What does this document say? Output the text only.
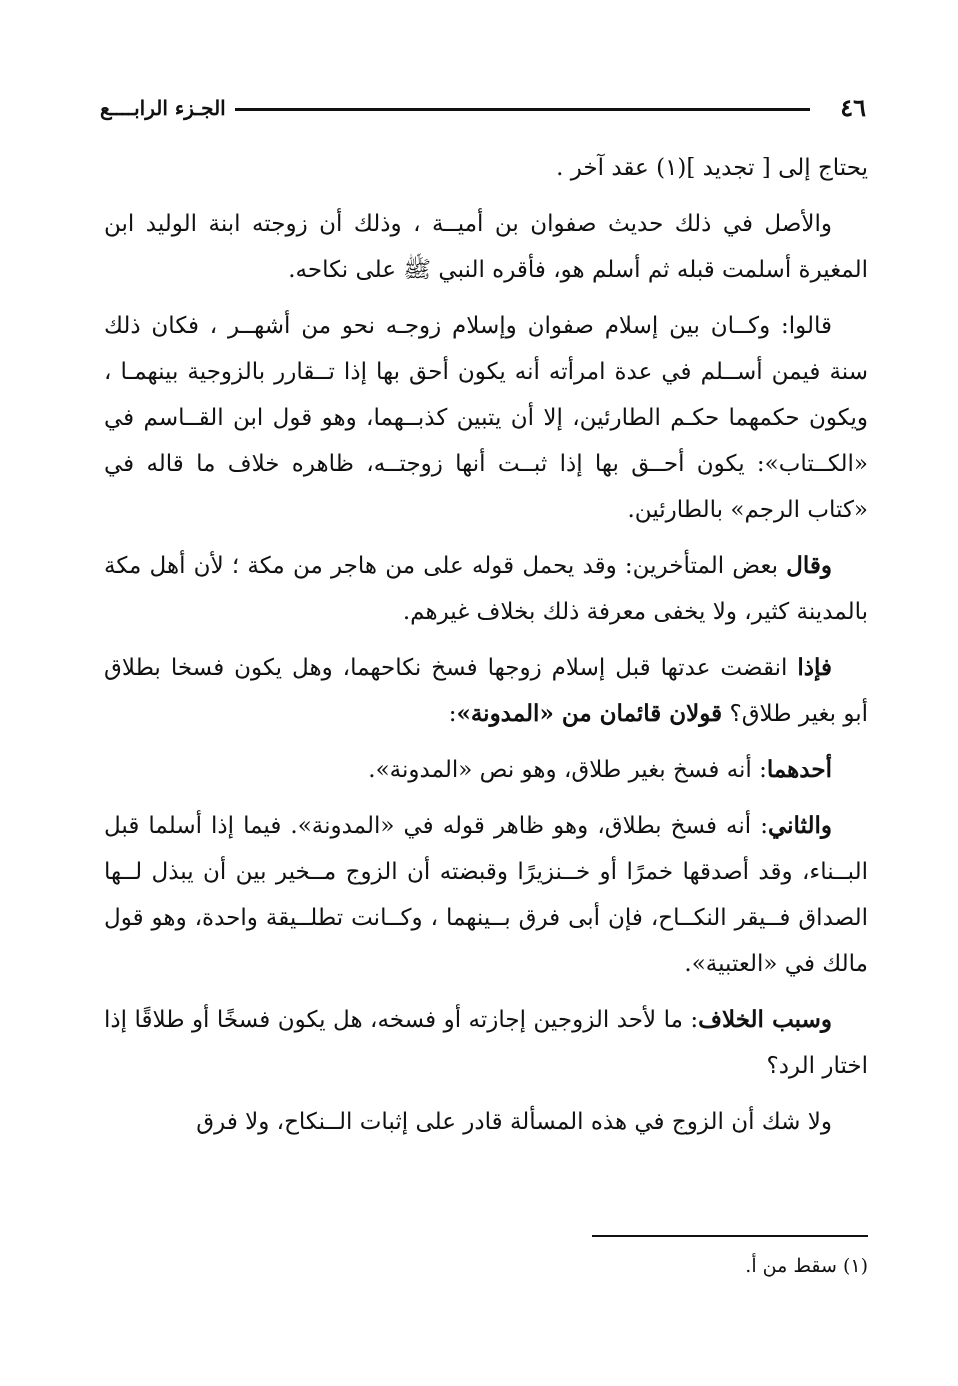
٤٦
الجـزء الرابــــع

يحتاج إلى [ تجديد ](١) عقد آخر .

والأصل في ذلك حديث صفوان بن أميــة ، وذلك أن زوجته ابنة الوليد ابن المغيرة أسلمت قبله ثم أسلم هو، فأقره النبي ﷺ على نكاحه.

قالوا: وكــان بين إسلام صفوان وإسلام زوجـه نحو من أشهــر ، فكان ذلك سنة فيمن أســلم في عدة امرأته أنه يكون أحق بها إذا تــقارر بالزوجية بينهمـا ، ويكون حكمهما حكـم الطارئين، إلا أن يتبين كذبــهما، وهو قول ابن القــاسم في «الكــتاب»: يكون أحــق بها إذا ثبــت أنها زوجتــه، ظاهره خلاف ما قاله في «كتاب الرجم» بالطارئين.

وقال بعض المتأخرين: وقد يحمل قوله على من هاجر من مكة ؛ لأن أهل مكة بالمدينة كثير، ولا يخفى معرفة ذلك بخلاف غيرهم.

فإذا انقضت عدتها قبل إسلام زوجها فسخ نكاحهما، وهل يكون فسخا بطلاق أبو بغير طلاق؟ قولان قائمان من «المدونة»:

أحدهما: أنه فسخ بغير طلاق، وهو نص «المدونة».

والثاني: أنه فسخ بطلاق، وهو ظاهر قوله في «المدونة». فيما إذا أسلما قبل البــناء، وقد أصدقها خمرًا أو خــنزيرًا وقبضته أن الزوج مــخير بين أن يبذل لــها الصداق فــيقر النكــاح، فإن أبى فرق بــينهما ، وكــانت تطلــيقة واحدة، وهو قول مالك في «العتبية».

وسبب الخلاف: ما لأحد الزوجين إجازته أو فسخه، هل يكون فسخًا أو طلاقًا إذا اختار الرد؟

ولا شك أن الزوج في هذه المسألة قادر على إثبات الــنكاح، ولا فرق

(١) سقط من أ.
